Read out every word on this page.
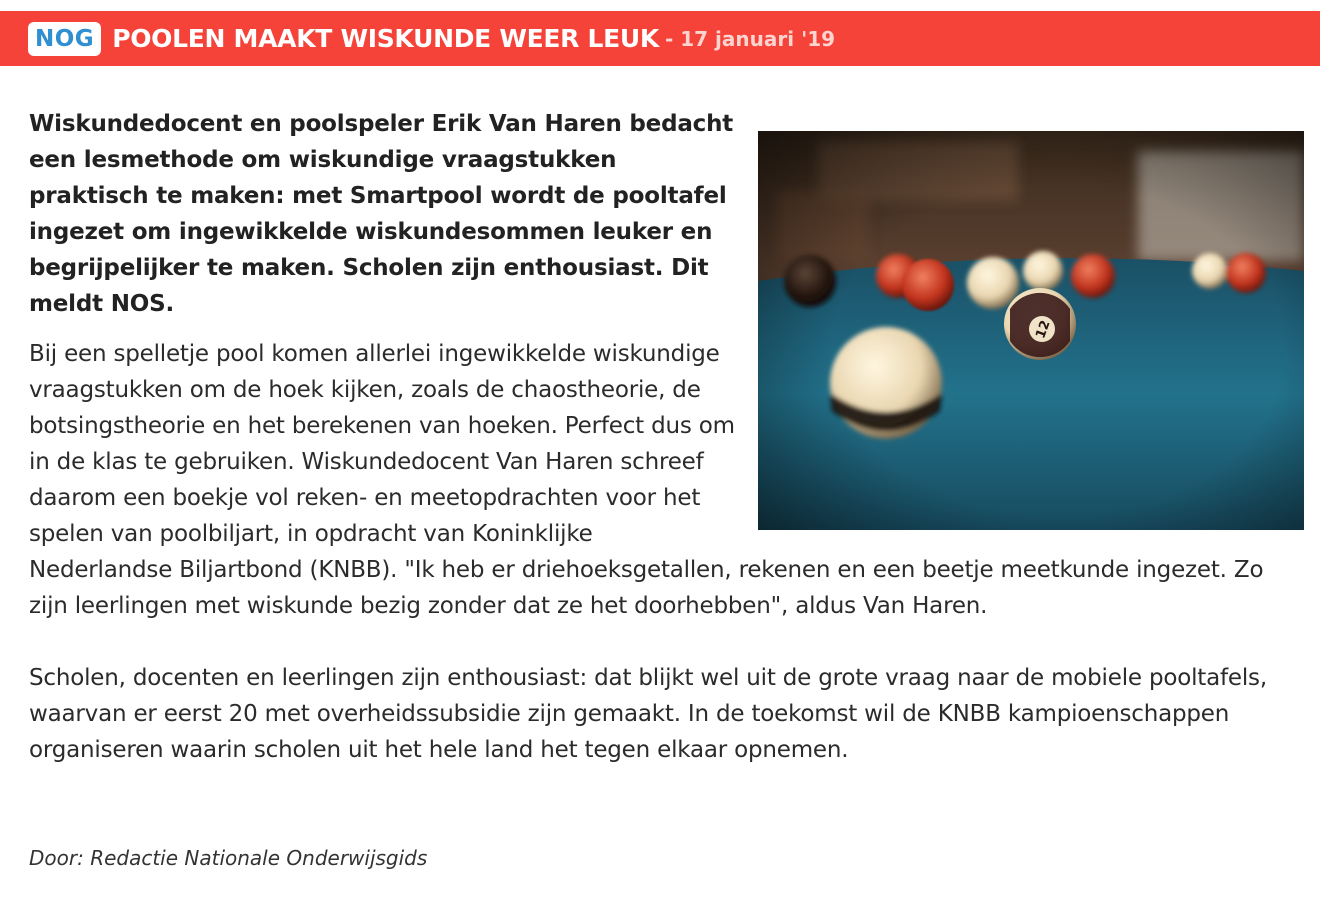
NOG POOLEN MAAKT WISKUNDE WEER LEUK - 17 januari '19

Wiskundedocent en poolspeler Erik Van Haren bedacht een lesmethode om wiskundige vraagstukken praktisch te maken: met Smartpool wordt de pooltafel ingezet om ingewikkelde wiskundesommen leuker en begrijpelijker te maken. Scholen zijn enthousiast. Dit meldt NOS.

Bij een spelletje pool komen allerlei ingewikkelde wiskundige vraagstukken om de hoek kijken, zoals de chaostheorie, de botsingstheorie en het berekenen van hoeken. Perfect dus om in de klas te gebruiken. Wiskundedocent Van Haren schreef daarom een boekje vol reken- en meetopdrachten voor het spelen van poolbiljart, in opdracht van Koninklijke Nederlandse Biljartbond (KNBB). "Ik heb er driehoeksgetallen, rekenen en een beetje meetkunde ingezet. Zo zijn leerlingen met wiskunde bezig zonder dat ze het doorhebben", aldus Van Haren.

Scholen, docenten en leerlingen zijn enthousiast: dat blijkt wel uit de grote vraag naar de mobiele pooltafels, waarvan er eerst 20 met overheidssubsidie zijn gemaakt. In de toekomst wil de KNBB kampioenschappen organiseren waarin scholen uit het hele land het tegen elkaar opnemen.

Door: Redactie Nationale Onderwijsgids
